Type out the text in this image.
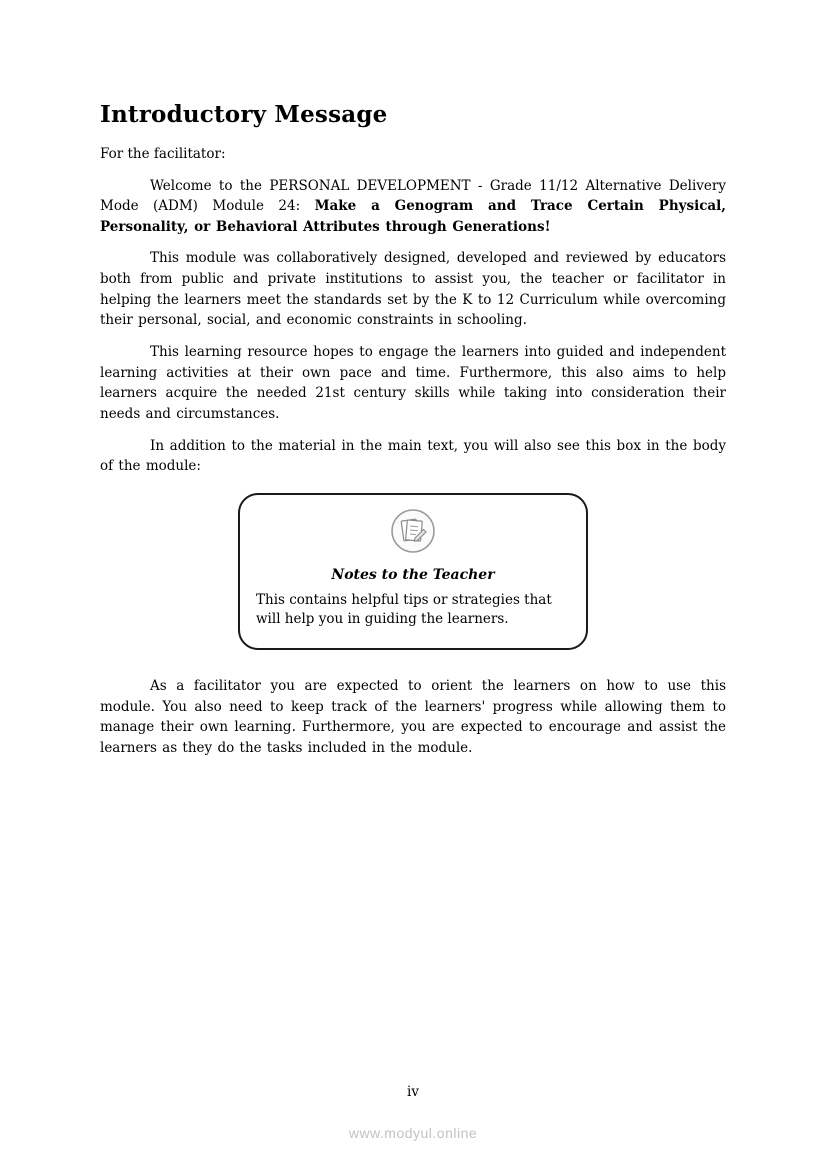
Introductory Message
For the facilitator:

Welcome to the PERSONAL DEVELOPMENT - Grade 11/12 Alternative Delivery Mode (ADM) Module 24: Make a Genogram and Trace Certain Physical, Personality, or Behavioral Attributes through Generations!

This module was collaboratively designed, developed and reviewed by educators both from public and private institutions to assist you, the teacher or facilitator in helping the learners meet the standards set by the K to 12 Curriculum while overcoming their personal, social, and economic constraints in schooling.

This learning resource hopes to engage the learners into guided and independent learning activities at their own pace and time. Furthermore, this also aims to help learners acquire the needed 21st century skills while taking into consideration their needs and circumstances.

In addition to the material in the main text, you will also see this box in the body of the module:

Notes to the Teacher
This contains helpful tips or strategies that will help you in guiding the learners.

As a facilitator you are expected to orient the learners on how to use this module. You also need to keep track of the learners' progress while allowing them to manage their own learning. Furthermore, you are expected to encourage and assist the learners as they do the tasks included in the module.

iv
www.modyul.online
